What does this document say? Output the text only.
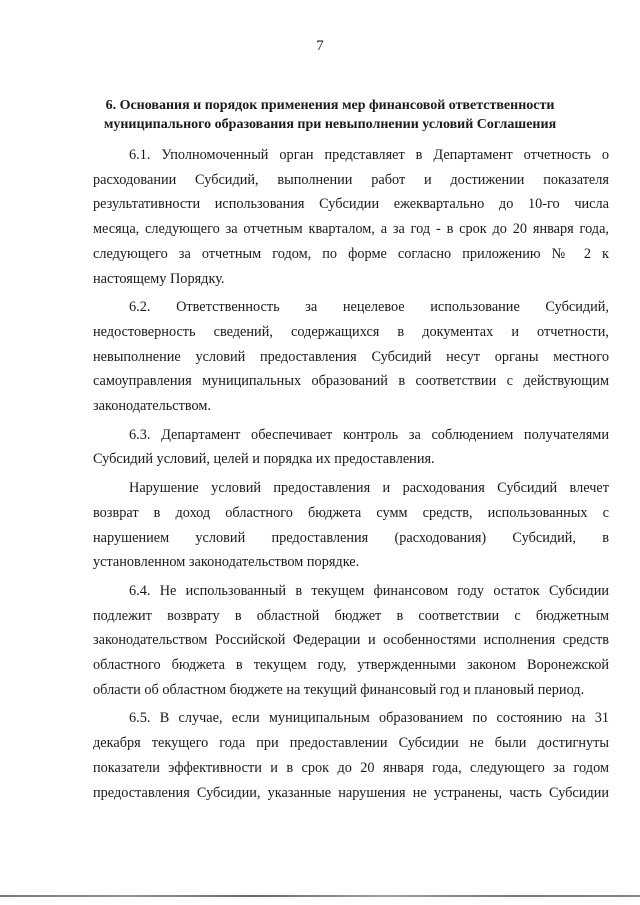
7
6. Основания и порядок применения мер финансовой ответственности
муниципального образования при невыполнении условий Соглашения
6.1. Уполномоченный орган представляет в Департамент отчетность о
расходовании Субсидий, выполнении работ и достижении показателя
результативности использования Субсидии ежеквартально до 10-го числа
месяца, следующего за отчетным кварталом, а за год - в срок до 20 января года,
следующего за отчетным годом, по форме согласно приложению № 2 к
настоящему Порядку.
6.2. Ответственность за нецелевое использование Субсидий,
недостоверность сведений, содержащихся в документах и отчетности,
невыполнение условий предоставления Субсидий несут органы местного
самоуправления муниципальных образований в соответствии с действующим
законодательством.
6.3. Департамент обеспечивает контроль за соблюдением получателями
Субсидий условий, целей и порядка их предоставления.
Нарушение условий предоставления и расходования Субсидий влечет
возврат в доход областного бюджета сумм средств, использованных с
нарушением условий предоставления (расходования) Субсидий, в
установленном законодательством порядке.
6.4. Не использованный в текущем финансовом году остаток Субсидии
подлежит возврату в областной бюджет в соответствии с бюджетным
законодательством Российской Федерации и особенностями исполнения средств
областного бюджета в текущем году, утвержденными законом Воронежской
области об областном бюджете на текущий финансовый год и плановый период.
6.5. В случае, если муниципальным образованием по состоянию на 31
декабря текущего года при предоставлении Субсидии не были достигнуты
показатели эффективности и в срок до 20 января года, следующего за годом
предоставления Субсидии, указанные нарушения не устранены, часть Субсидии
